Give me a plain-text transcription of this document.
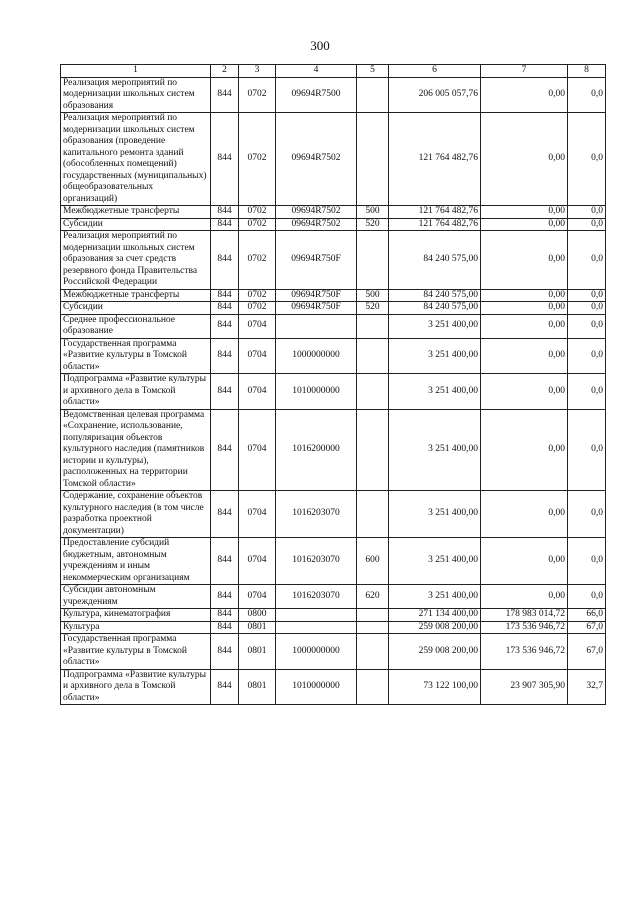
300
1	2	3	4	5	6	7	8
Реализация мероприятий по модернизации школьных систем образования	844	0702	09694R7500		206 005 057,76	0,00	0,0
Реализация мероприятий по модернизации школьных систем образования (проведение капитального ремонта зданий (обособленных помещений) государственных (муниципальных) общеобразовательных организаций)	844	0702	09694R7502		121 764 482,76	0,00	0,0
Межбюджетные трансферты	844	0702	09694R7502	500	121 764 482,76	0,00	0,0
Субсидии	844	0702	09694R7502	520	121 764 482,76	0,00	0,0
Реализация мероприятий по модернизации школьных систем образования за счет средств резервного фонда Правительства Российской Федерации	844	0702	09694R750F		84 240 575,00	0,00	0,0
Межбюджетные трансферты	844	0702	09694R750F	500	84 240 575,00	0,00	0,0
Субсидии	844	0702	09694R750F	520	84 240 575,00	0,00	0,0
Среднее профессиональное образование	844	0704			3 251 400,00	0,00	0,0
Государственная программа «Развитие культуры в Томской области»	844	0704	1000000000		3 251 400,00	0,00	0,0
Подпрограмма «Развитие культуры и архивного дела в Томской области»	844	0704	1010000000		3 251 400,00	0,00	0,0
Ведомственная целевая программа «Сохранение, использование, популяризация объектов культурного наследия (памятников истории и культуры), расположенных на территории Томской области»	844	0704	1016200000		3 251 400,00	0,00	0,0
Содержание, сохранение объектов культурного наследия (в том числе разработка проектной документации)	844	0704	1016203070		3 251 400,00	0,00	0,0
Предоставление субсидий бюджетным, автономным учреждениям и иным некоммерческим организациям	844	0704	1016203070	600	3 251 400,00	0,00	0,0
Субсидии автономным учреждениям	844	0704	1016203070	620	3 251 400,00	0,00	0,0
Культура, кинематография	844	0800			271 134 400,00	178 983 014,72	66,0
Культура	844	0801			259 008 200,00	173 536 946,72	67,0
Государственная программа «Развитие культуры в Томской области»	844	0801	1000000000		259 008 200,00	173 536 946,72	67,0
Подпрограмма «Развитие культуры и архивного дела в Томской области»	844	0801	1010000000		73 122 100,00	23 907 305,90	32,7
